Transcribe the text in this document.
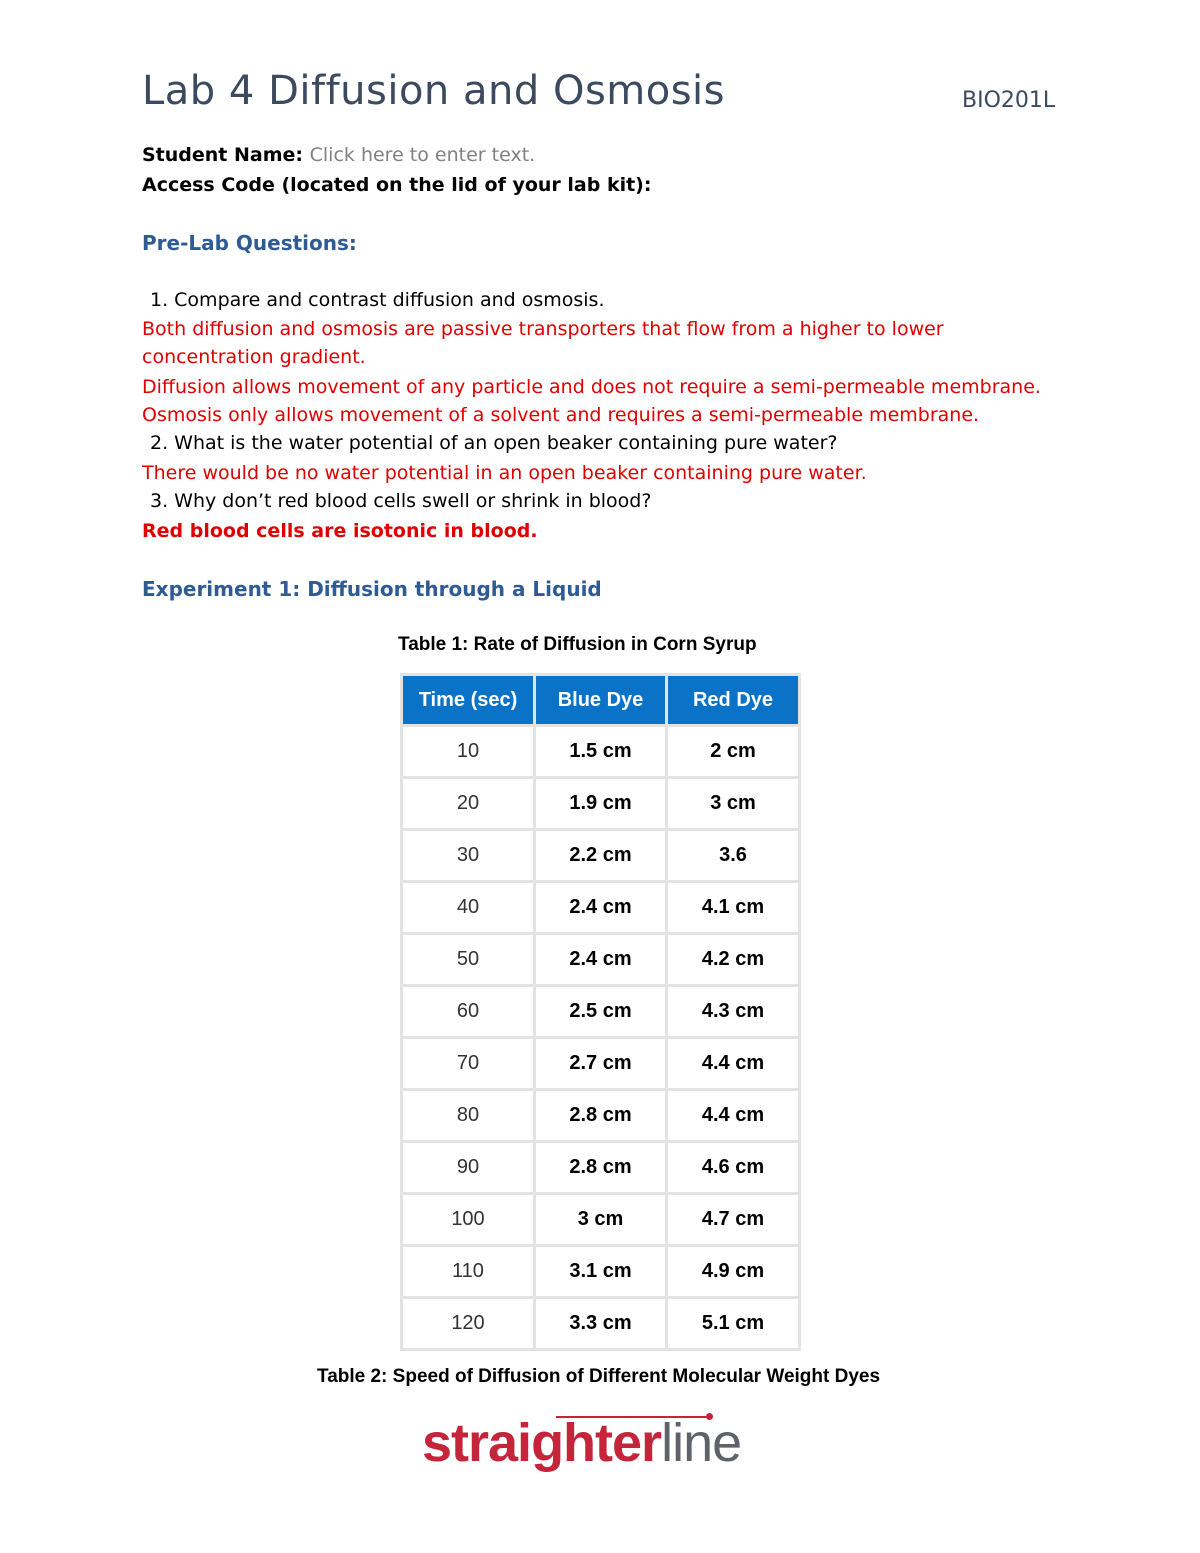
Lab 4 Diffusion and Osmosis	BIO201L
Student Name: Click here to enter text.
Access Code (located on the lid of your lab kit):
Pre-Lab Questions:
1. Compare and contrast diffusion and osmosis.
Both diffusion and osmosis are passive transporters that flow from a higher to lower
concentration gradient.
Diffusion allows movement of any particle and does not require a semi-permeable membrane.
Osmosis only allows movement of a solvent and requires a semi-permeable membrane.
2. What is the water potential of an open beaker containing pure water?
There would be no water potential in an open beaker containing pure water.
3. Why don’t red blood cells swell or shrink in blood?
Red blood cells are isotonic in blood.
Experiment 1: Diffusion through a Liquid
Table 1: Rate of Diffusion in Corn Syrup
Time (sec)	Blue Dye	Red Dye
10	1.5 cm	2 cm
20	1.9 cm	3 cm
30	2.2 cm	3.6
40	2.4 cm	4.1 cm
50	2.4 cm	4.2 cm
60	2.5 cm	4.3 cm
70	2.7 cm	4.4 cm
80	2.8 cm	4.4 cm
90	2.8 cm	4.6 cm
100	3 cm	4.7 cm
110	3.1 cm	4.9 cm
120	3.3 cm	5.1 cm
Table 2: Speed of Diffusion of Different Molecular Weight Dyes
straighterline
